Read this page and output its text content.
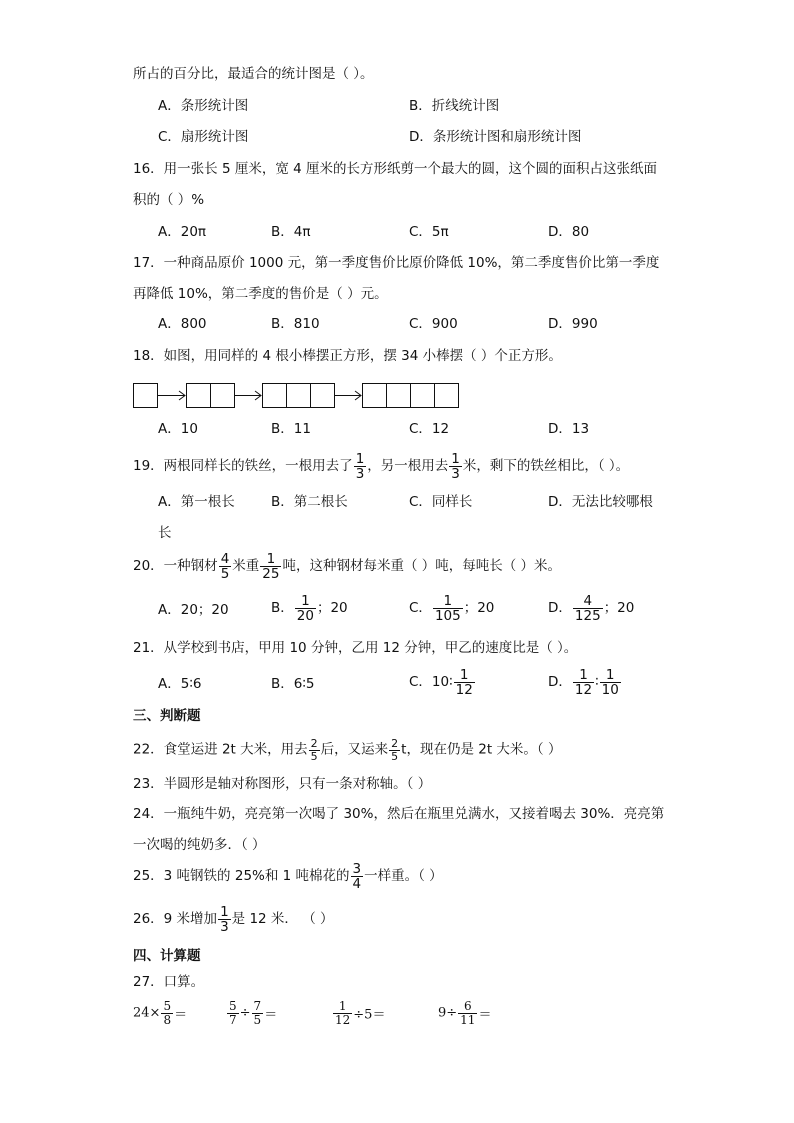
所占的百分比，最适合的统计图是（ ）。
A．条形统计图	B．折线统计图
C．扇形统计图	D．条形统计图和扇形统计图
16．用一张长 5 厘米，宽 4 厘米的长方形纸剪一个最大的圆，这个圆的面积占这张纸面
积的（ ）%
A．20π	B．4π	C．5π	D．80
17．一种商品原价 1000 元，第一季度售价比原价降低 10%，第二季度售价比第一季度
再降低 10%，第二季度的售价是（ ）元。
A．800	B．810	C．900	D．990
18．如图，用同样的 4 根小棒摆正方形，摆 34 小棒摆（ ）个正方形。
A．10	B．11	C．12	D．13
19．两根同样长的铁丝，一根用去了 $\frac{1}{3}$ ，另一根用去 $\frac{1}{3}$ 米，剩下的铁丝相比，（ ）。
A．第一根长	B．第二根长	C．同样长	D．无法比较哪根
长
20．一种钢材 $\frac{4}{5}$ 米重 $\frac{1}{25}$ 吨，这种钢材每米重（ ）吨，每吨长（ ）米。
A．20；20	B． $\frac{1}{20}$ ；20	C． $\frac{1}{105}$ ；20	D． $\frac{4}{125}$ ；20
21．从学校到书店，甲用 10 分钟，乙用 12 分钟，甲乙的速度比是（ ）。
A．5∶6	B．6∶5	C．10∶ $\frac{1}{12}$	D． $\frac{1}{12}$ ∶ $\frac{1}{10}$
三、判断题
22．食堂运进 2t 大米，用去 $\frac{2}{5}$ 后，又运来 $\frac{2}{5}$ t，现在仍是 2t 大米。（ ）
23．半圆形是轴对称图形，只有一条对称轴。（ ）
24．一瓶纯牛奶，亮亮第一次喝了 30%，然后在瓶里兑满水，又接着喝去 30%．亮亮第
一次喝的纯奶多．（ ）
25．3 吨钢铁的 25%和 1 吨棉花的 $\frac{3}{4}$ 一样重。（ ）
26．9 米增加 $\frac{1}{3}$ 是 12 米． （ ）
四、计算题
27．口算。
$24\times \frac{5}{8}$ ＝	$\frac{5}{7} \div \frac{7}{5}$ ＝	$\frac{1}{12} \div 5=$	$9\div \frac{6}{11}$ ＝
